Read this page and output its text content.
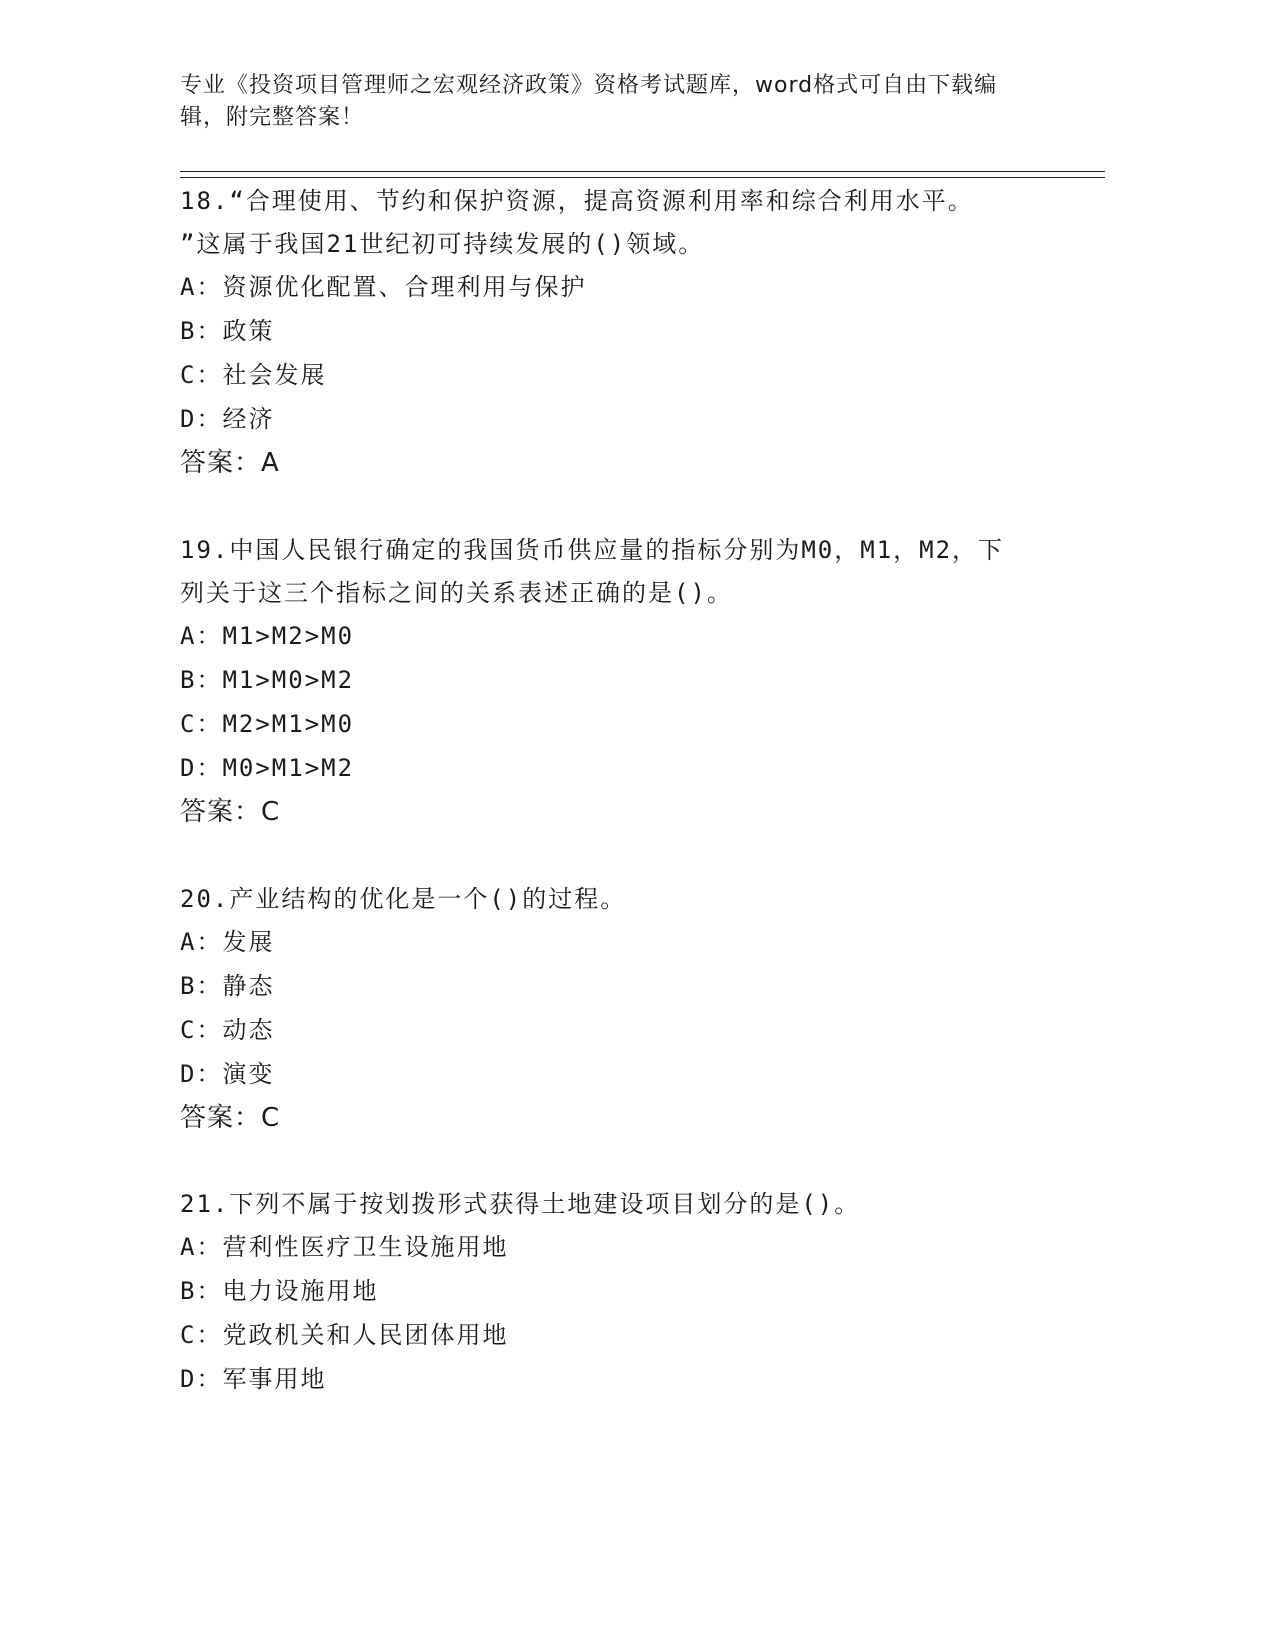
专业《投资项目管理师之宏观经济政策》资格考试题库，word格式可自由下载编
辑，附完整答案！

18.“合理使用、节约和保护资源，提高资源利用率和综合利用水平。

”这属于我国21世纪初可持续发展的()领域。

A：资源优化配置、合理利用与保护

B：政策

C：社会发展

D：经济

答案：A

19.中国人民银行确定的我国货币供应量的指标分别为M0，M1，M2，下

列关于这三个指标之间的关系表述正确的是()。

A：M1>M2>M0

B：M1>M0>M2

C：M2>M1>M0

D：M0>M1>M2

答案：C

20.产业结构的优化是一个()的过程。

A：发展

B：静态

C：动态

D：演变

答案：C

21.下列不属于按划拨形式获得土地建设项目划分的是()。

A：营利性医疗卫生设施用地

B：电力设施用地

C：党政机关和人民团体用地

D：军事用地
